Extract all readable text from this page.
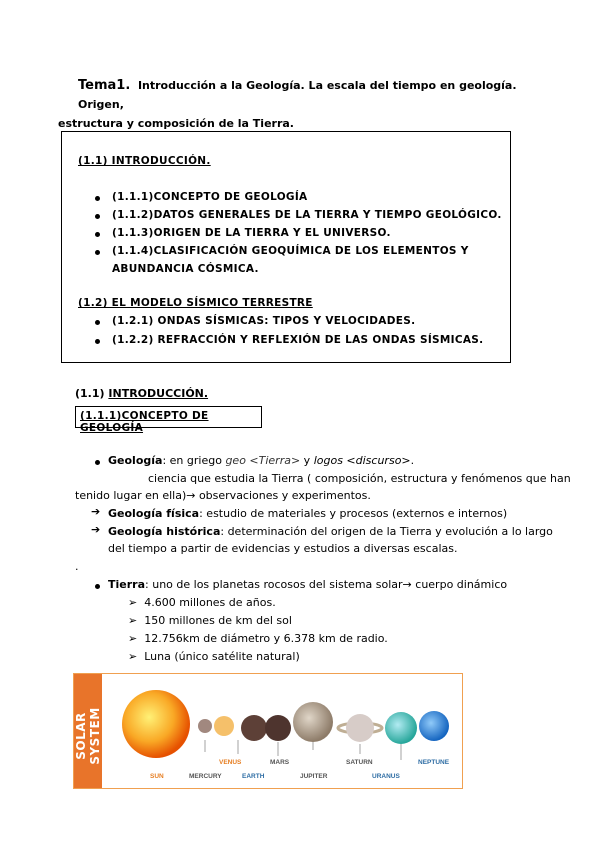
Tema1. Introducción a la Geología. La escala del tiempo en geología. Origen,
estructura y composición de la Tierra.
(1.1) INTRODUCCIÓN.
(1.1.1)CONCEPTO DE GEOLOGÍA
(1.1.2)DATOS GENERALES DE LA TIERRA Y TIEMPO GEOLÓGICO.
(1.1.3)ORIGEN DE LA TIERRA Y EL UNIVERSO.
(1.1.4)CLASIFICACIÓN GEOQUÍMICA DE LOS ELEMENTOS Y
ABUNDANCIA CÓSMICA.
(1.2) EL MODELO SÍSMICO TERRESTRE
(1.2.1) ONDAS SÍSMICAS: TIPOS Y VELOCIDADES.
(1.2.2) REFRACCIÓN Y REFLEXIÓN DE LAS ONDAS SÍSMICAS.
(1.1) INTRODUCCIÓN.
(1.1.1)CONCEPTO DE GEOLOGÍA
Geología: en griego geo <Tierra> y logos <discurso>.
ciencia que estudia la Tierra ( composición, estructura y fenómenos que han
tenido lugar en ella)→ observaciones y experimentos.
➔ Geología física: estudio de materiales y procesos (externos e internos)
➔ Geología histórica: determinación del origen de la Tierra y evolución a lo largo
del tiempo a partir de evidencias y estudios a diversas escalas.
.
Tierra: uno de los planetas rocosos del sistema solar→ cuerpo dinámico
➢  4.600 millones de años.
➢  150 millones de km del sol
➢  12.756km de diámetro y 6.378 km de radio.
➢  Luna (único satélite natural)
SOLAR SYSTEM
SUN	MERCURY
VENUS
EARTH
MARS
JUPITER
SATURN
URANUS
NEPTUNE
